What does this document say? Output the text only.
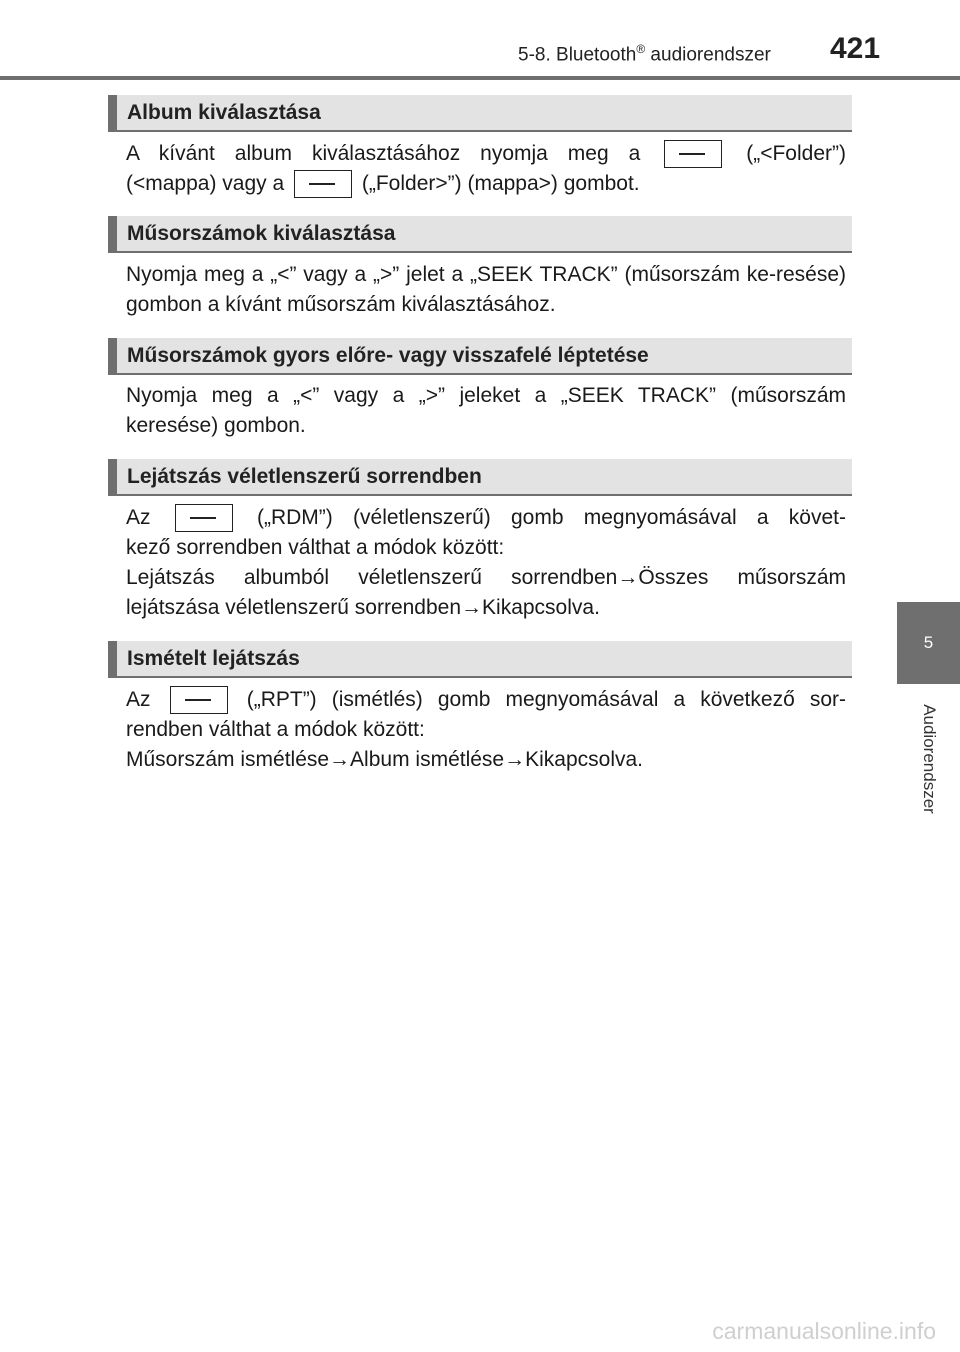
5-8. Bluetooth® audiorendszer 421
5
Audiorendszer
Album kiválasztása
A kívánt album kiválasztásához nyomja meg a	(„<Folder”)
(<mappa) vagy a	(„Folder>”) (mappa>) gombot.
Műsorszámok kiválasztása
Nyomja meg a „<” vagy a „>” jelet a „SEEK TRACK” (műsorszám ke-resése) gombon a kívánt műsorszám kiválasztásához.
Műsorszámok gyors előre- vagy visszafelé léptetése
Nyomja meg a „<” vagy a „>” jeleket a „SEEK TRACK” (műsorszám keresése) gombon.
Lejátszás véletlenszerű sorrendben
Az	(„RDM”) (véletlenszerű) gomb megnyomásával a követ-
kező sorrendben válthat a módok között:
Lejátszás albumból véletlenszerű sorrendben→Összes műsorszám
lejátszása véletlenszerű sorrendben→Kikapcsolva.
Ismételt lejátszás
Az	(„RPT”) (ismétlés) gomb megnyomásával a következő sor-
rendben válthat a módok között:
Műsorszám ismétlése→Album ismétlése→Kikapcsolva.
carmanualsonline.info
